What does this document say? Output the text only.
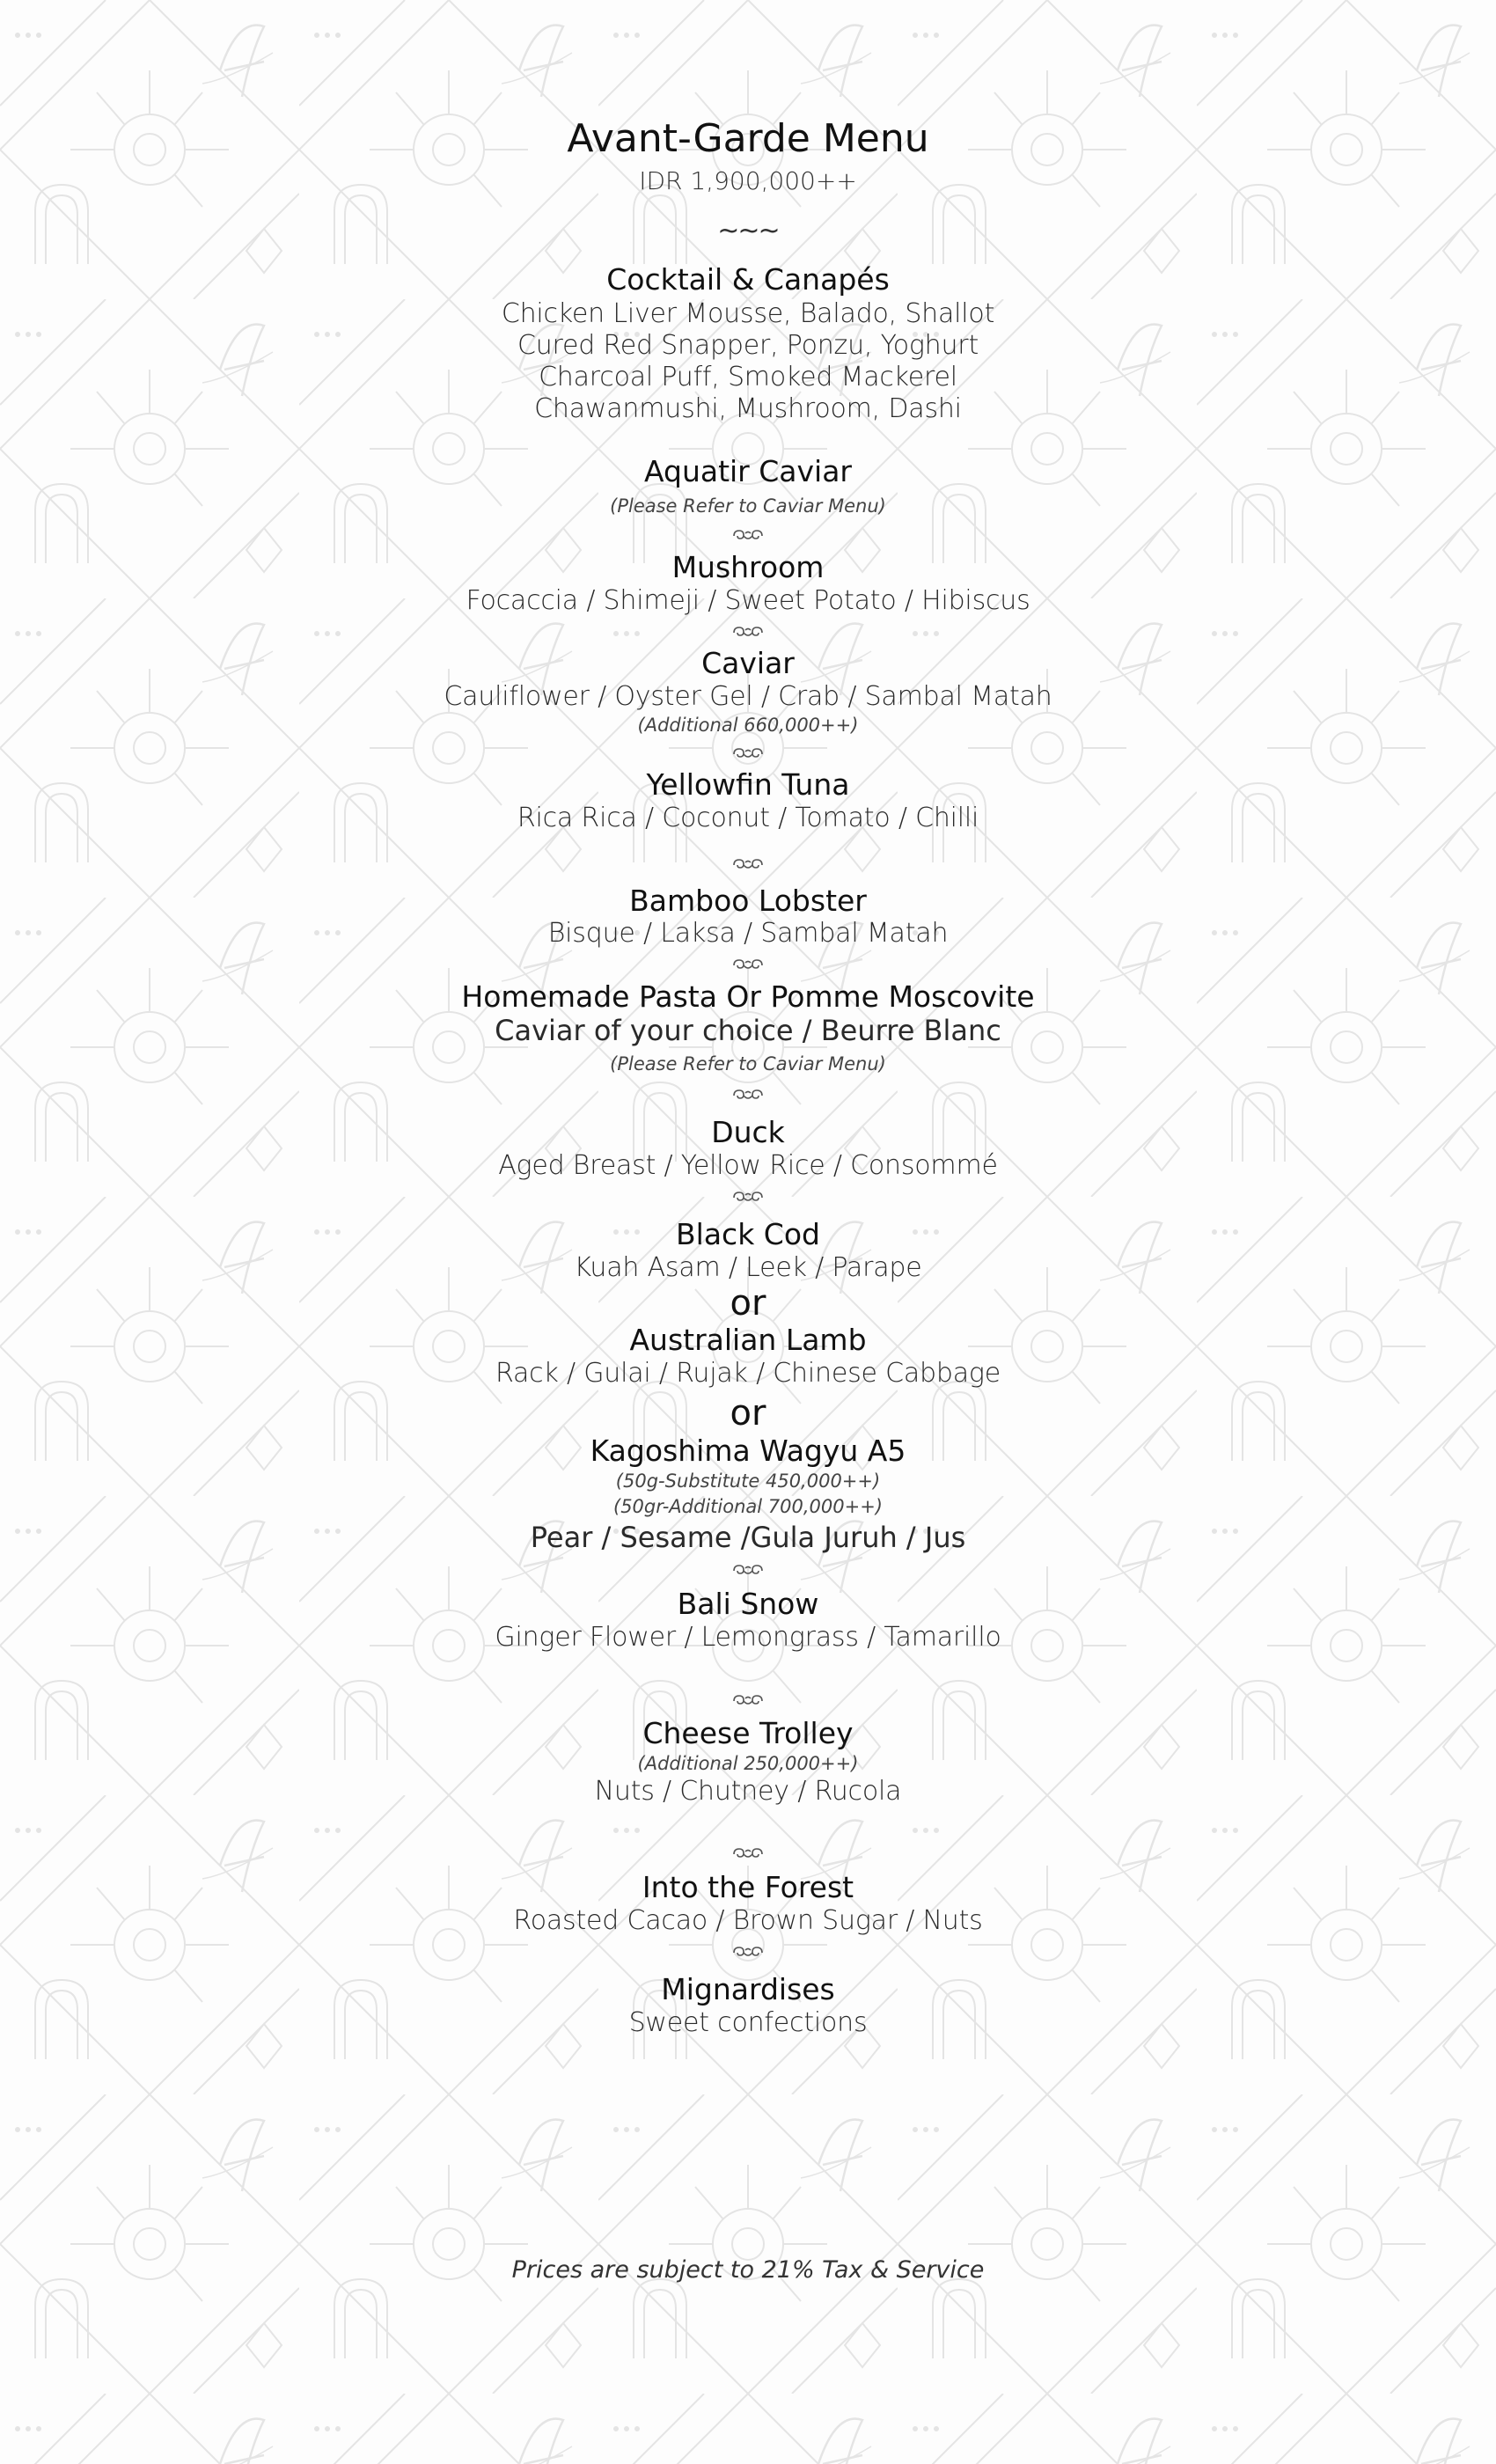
Avant-Garde Menu
IDR 1,900,000++
~~~
Cocktail & Canapés
Chicken Liver Mousse, Balado, Shallot
Cured Red Snapper, Ponzu, Yoghurt
Charcoal Puff, Smoked Mackerel
Chawanmushi, Mushroom, Dashi
Aquatir Caviar
(Please Refer to Caviar Menu)
Mushroom
Focaccia / Shimeji / Sweet Potato / Hibiscus
Caviar
Cauliflower / Oyster Gel / Crab / Sambal Matah
(Additional 660,000++)
Yellowfin Tuna
Rica Rica / Coconut / Tomato / Chilli
Bamboo Lobster
Bisque / Laksa / Sambal Matah
Homemade Pasta Or Pomme Moscovite
Caviar of your choice / Beurre Blanc
(Please Refer to Caviar Menu)
Duck
Aged Breast / Yellow Rice / Consommé
Black Cod
Kuah Asam / Leek / Parape
or
Australian Lamb
Rack / Gulai / Rujak / Chinese Cabbage
or
Kagoshima Wagyu A5
(50g-Substitute 450,000++)
(50gr-Additional 700,000++)
Pear / Sesame /Gula Juruh / Jus
Bali Snow
Ginger Flower / Lemongrass / Tamarillo
Cheese Trolley
(Additional 250,000++)
Nuts / Chutney / Rucola
Into the Forest
Roasted Cacao / Brown Sugar / Nuts
Mignardises
Sweet confections
Prices are subject to 21% Tax & Service
